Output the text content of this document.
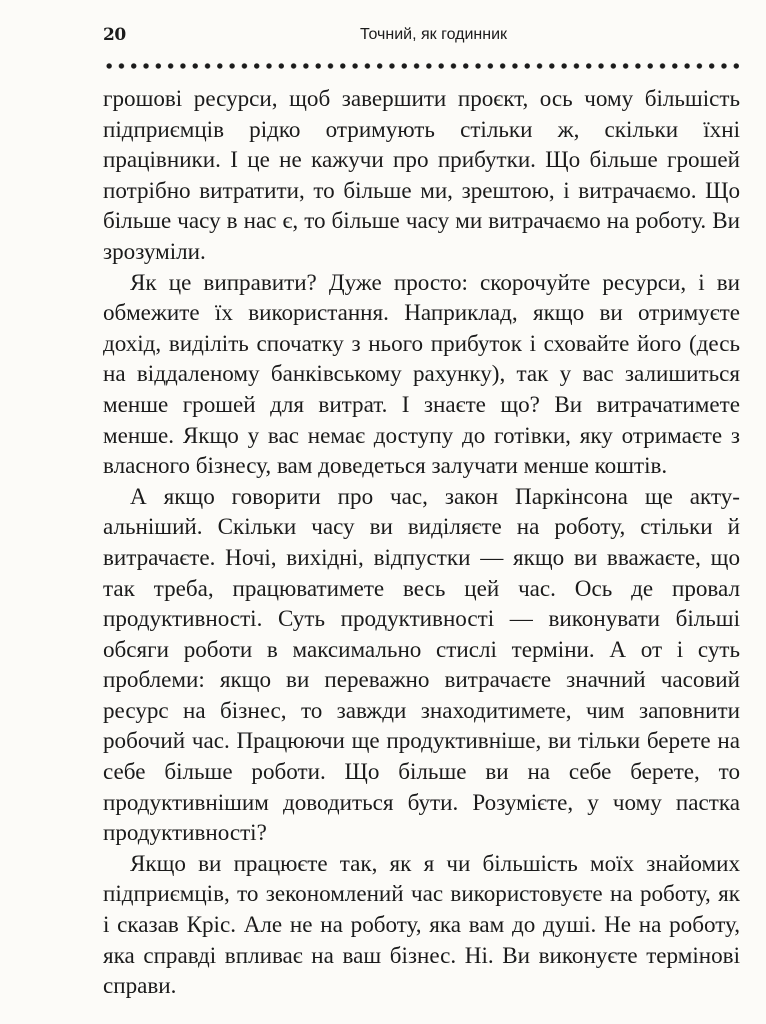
20	Точний, як годинник

грошові ресурси, щоб завершити проєкт, ось чому більшість підприємців рідко отримують стільки ж, скільки їхні працівники. І це не кажучи про прибутки. Що більше грошей потрібно витратити, то більше ми, зрештою, і витрачаємо. Що більше часу в нас є, то більше часу ми витрачаємо на роботу. Ви зрозуміли.

Як це виправити? Дуже просто: скорочуйте ресурси, і ви обмежите їх використання. Наприклад, якщо ви отримуєте дохід, виділіть спочатку з нього прибуток і сховайте його (десь на віддаленому банківському рахунку), так у вас залишиться менше грошей для витрат. І знаєте що? Ви витрачатимете менше. Якщо у вас немає доступу до готівки, яку отримаєте з власного бізнесу, вам доведеться залучати менше коштів.

А якщо говорити про час, закон Паркінсона ще актуальніший. Скільки часу ви виділяєте на роботу, стільки й витрачаєте. Ночі, вихідні, відпустки — якщо ви вважаєте, що так треба, працюватимете весь цей час. Ось де провал продуктивності. Суть продуктивності — виконувати більші обсяги роботи в максимально стислі терміни. А от і суть проблеми: якщо ви переважно витрачаєте значний часовий ресурс на бізнес, то завжди знаходитимете, чим заповнити робочий час. Працюючи ще продуктивніше, ви тільки берете на себе більше роботи. Що більше ви на себе берете, то продуктивнішим доводиться бути. Розумієте, у чому пастка продуктивності?

Якщо ви працюєте так, як я чи більшість моїх знайомих підприємців, то зекономлений час використовуєте на роботу, як і сказав Кріс. Але не на роботу, яка вам до душі. Не на роботу, яка справді впливає на ваш бізнес. Ні. Ви виконуєте термінові справи.
